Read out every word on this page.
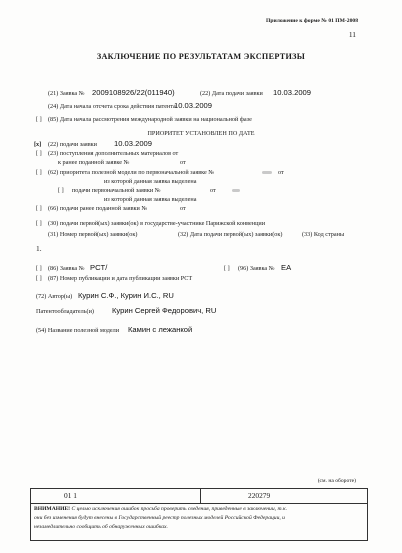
Приложение к форме № 01 ПМ-2008
11
ЗАКЛЮЧЕНИЕ ПО РЕЗУЛЬТАТАМ ЭКСПЕРТИЗЫ
(21) Заявка № 2009108926/22(011940)	(22) Дата подачи заявки 10.03.2009
(24) Дата начала отсчета срока действия патента
10.03.2009
[ ] (85) Дата начала рассмотрения международной заявки на национальной фазе
ПРИОРИТЕТ УСТАНОВЛЕН ПО ДАТЕ
[x] (22) подачи заявки 10.03.2009
[ ] (23) поступления дополнительных материалов от
к ранее поданной заявке №	от
[ ] (62) приоритета полезной модели по первоначальной заявке №	от
из которой данная заявка выделена
[ ] подачи первоначальной заявки №	от
из которой данная заявка выделена
[ ] (66) подачи ранее поданной заявки №	от
[ ] (30) подачи первой(ых) заявки(ок) в государстве-участнике Парижской конвенции
(31) Номер первой(ых) заявки(ок)	(32) Дата подачи первой(ых) заявки(ок)	(33) Код страны
1.
[ ] (86) Заявка № PCT/	[ ] (96) Заявка № EA
[ ] (87) Номер публикации и дата публикации заявки PCT
(72) Автор(ы) Курин С.Ф., Курин И.С., RU
Патентообладатель(и) Курин Сергей Федорович, RU
(54) Название полезной модели Камин с лежанкой
(см. на обороте)
01 1	220279
ВНИМАНИЕ! С целью исключения ошибок просьба проверить сведения, приведенные в заключении, т.к.
они без изменения будут внесены в Государственный реестр полезных моделей Российской Федерации, и
незамедлительно сообщить об обнаруженных ошибках.
